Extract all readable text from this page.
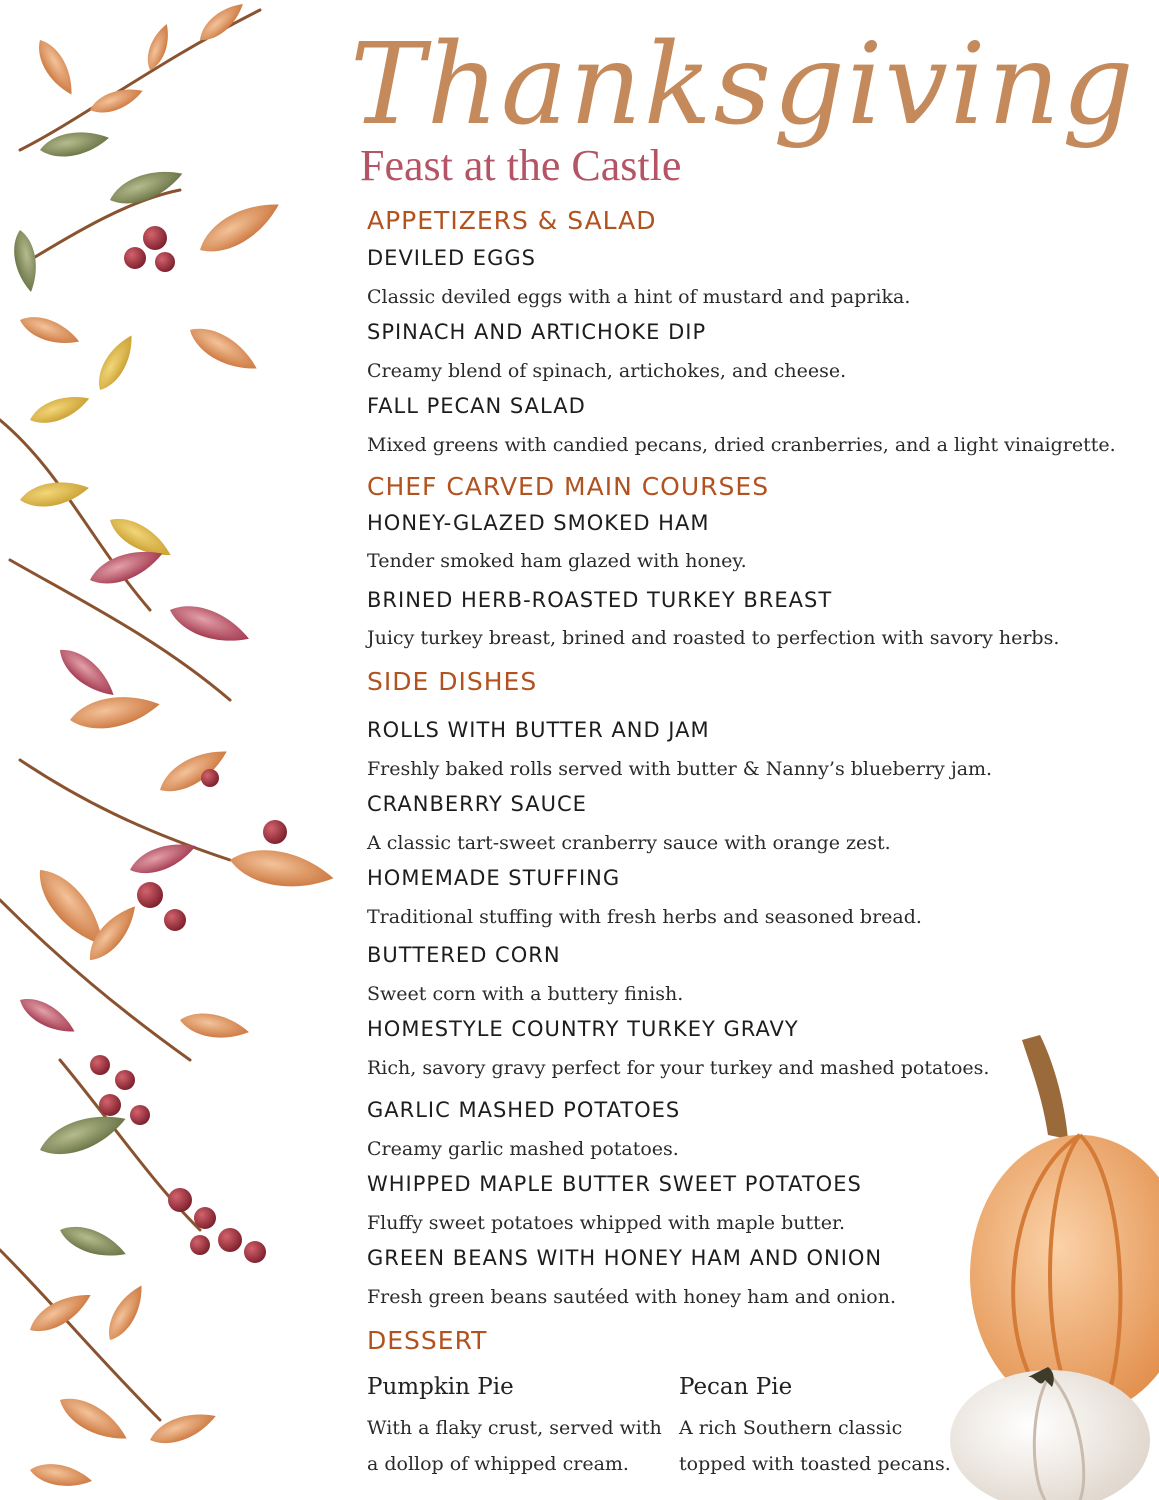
Thanksgiving
Feast at the Castle
APPETIZERS & SALAD
DEVILED EGGS
Classic deviled eggs with a hint of mustard and paprika.
SPINACH AND ARTICHOKE DIP
Creamy blend of spinach, artichokes, and cheese.
FALL PECAN SALAD
Mixed greens with candied pecans, dried cranberries, and a light vinaigrette.
CHEF CARVED MAIN COURSES
HONEY-GLAZED SMOKED HAM
Tender smoked ham glazed with honey.
BRINED HERB-ROASTED TURKEY BREAST
Juicy turkey breast, brined and roasted to perfection with savory herbs.
SIDE DISHES
ROLLS WITH BUTTER AND JAM
Freshly baked rolls served with butter & Nanny’s blueberry jam.
CRANBERRY SAUCE
A classic tart-sweet cranberry sauce with orange zest.
HOMEMADE STUFFING
Traditional stuffing with fresh herbs and seasoned bread.
BUTTERED CORN
Sweet corn with a buttery finish.
HOMESTYLE COUNTRY TURKEY GRAVY
Rich, savory gravy perfect for your turkey and mashed potatoes.
GARLIC MASHED POTATOES
Creamy garlic mashed potatoes.
WHIPPED MAPLE BUTTER SWEET POTATOES
Fluffy sweet potatoes whipped with maple butter.
GREEN BEANS WITH HONEY HAM AND ONION
Fresh green beans sautéed with honey ham and onion.
DESSERT
Pumpkin Pie
With a flaky crust, served with a dollop of whipped cream.
Pecan Pie
A rich Southern classic topped with toasted pecans.
